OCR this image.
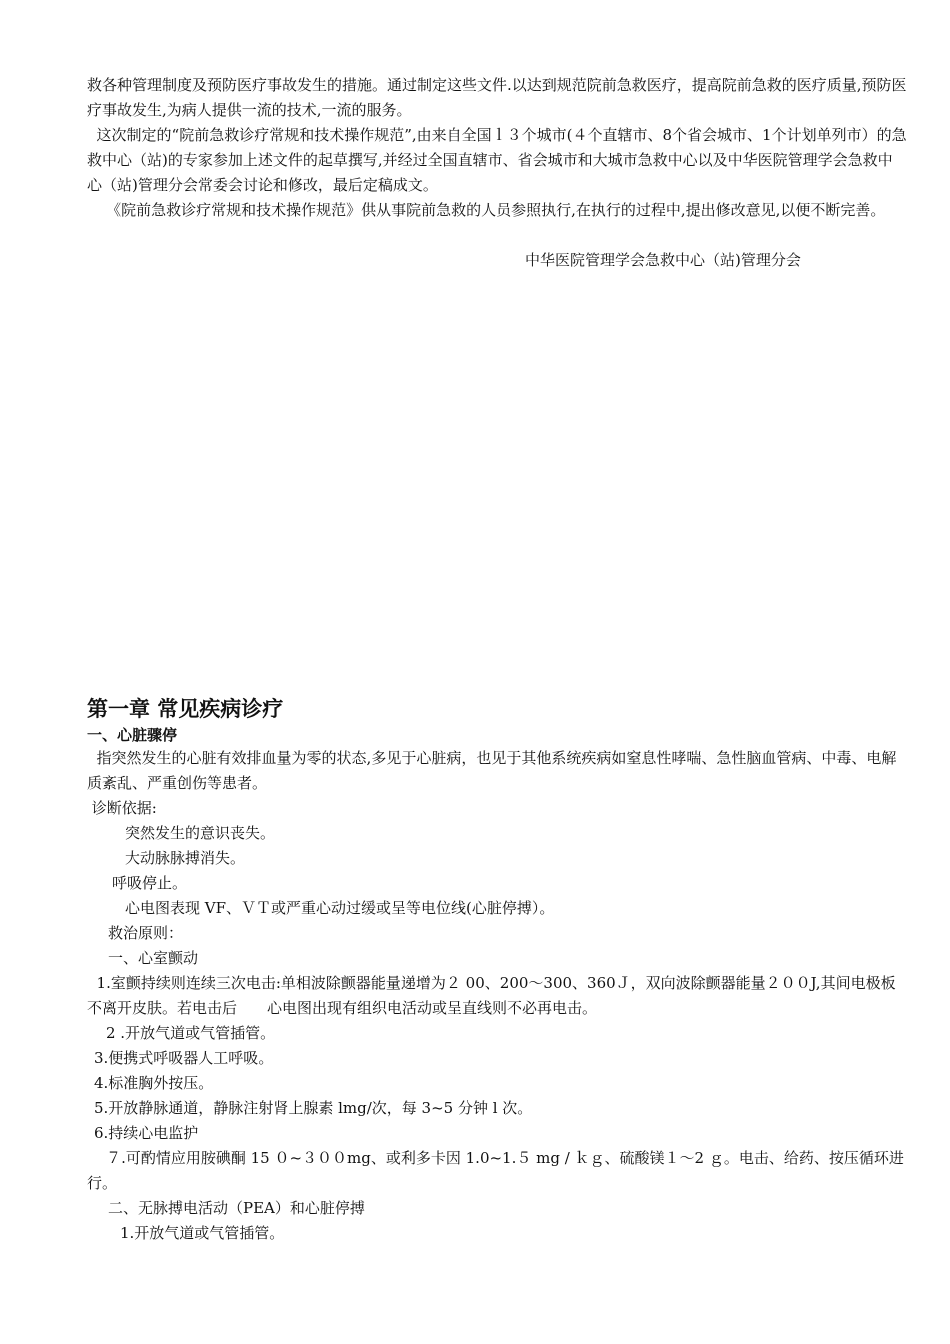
救各种管理制度及预防医疗事故发生的措施。通过制定这些文件.以达到规范院前急救医疗，提高院前急救的医疗质量,预防医疗事故发生,为病人提供一流的技术,一流的服务。
这次制定的“院前急救诊疗常规和技术操作规范”,由来自全国ｌ３个城市(４个直辖市、8个省会城市、1个计划单列市）的急救中心（站)的专家参加上述文件的起草撰写,并经过全国直辖市、省会城市和大城市急救中心以及中华医院管理学会急救中心（站)管理分会常委会讨论和修改，最后定稿成文。
《院前急救诊疗常规和技术操作规范》供从事院前急救的人员参照执行,在执行的过程中,提出修改意见,以便不断完善。
中华医院管理学会急救中心（站)管理分会
第一章 常见疾病诊疗
一、心脏骤停
指突然发生的心脏有效排血量为零的状态,多见于心脏病，也见于其他系统疾病如窒息性哮喘、急性脑血管病、中毒、电解质紊乱、严重创伤等患者。
诊断依据:
突然发生的意识丧失。
大动脉脉搏消失。
呼吸停止。
心电图表现 VF、ＶＴ或严重心动过缓或呈等电位线(心脏停搏）。
救治原则：
一、心室颤动
1.室颤持续则连续三次电击:单相波除颤器能量递增为２ 00、200～300、360Ｊ，双向波除颤器能量２００J,其间电极板不离开皮肤。若电击后　　心电图出现有组织电活动或呈直线则不必再电击。
2 .开放气道或气管插管。
3.便携式呼吸器人工呼吸。
4.标准胸外按压。
5.开放静脉通道，静脉注射肾上腺素 lmg/次，每 3~5 分钟 l 次。
6.持续心电监护
７.可酌情应用胺碘酮 15 ０~３００mg、或利多卡因 1.0~1.５ mg / ｋｇ、硫酸镁１～2 ｇ。电击、给药、按压循环进行。
二、无脉搏电活动（PEA）和心脏停搏
1.开放气道或气管插管。
